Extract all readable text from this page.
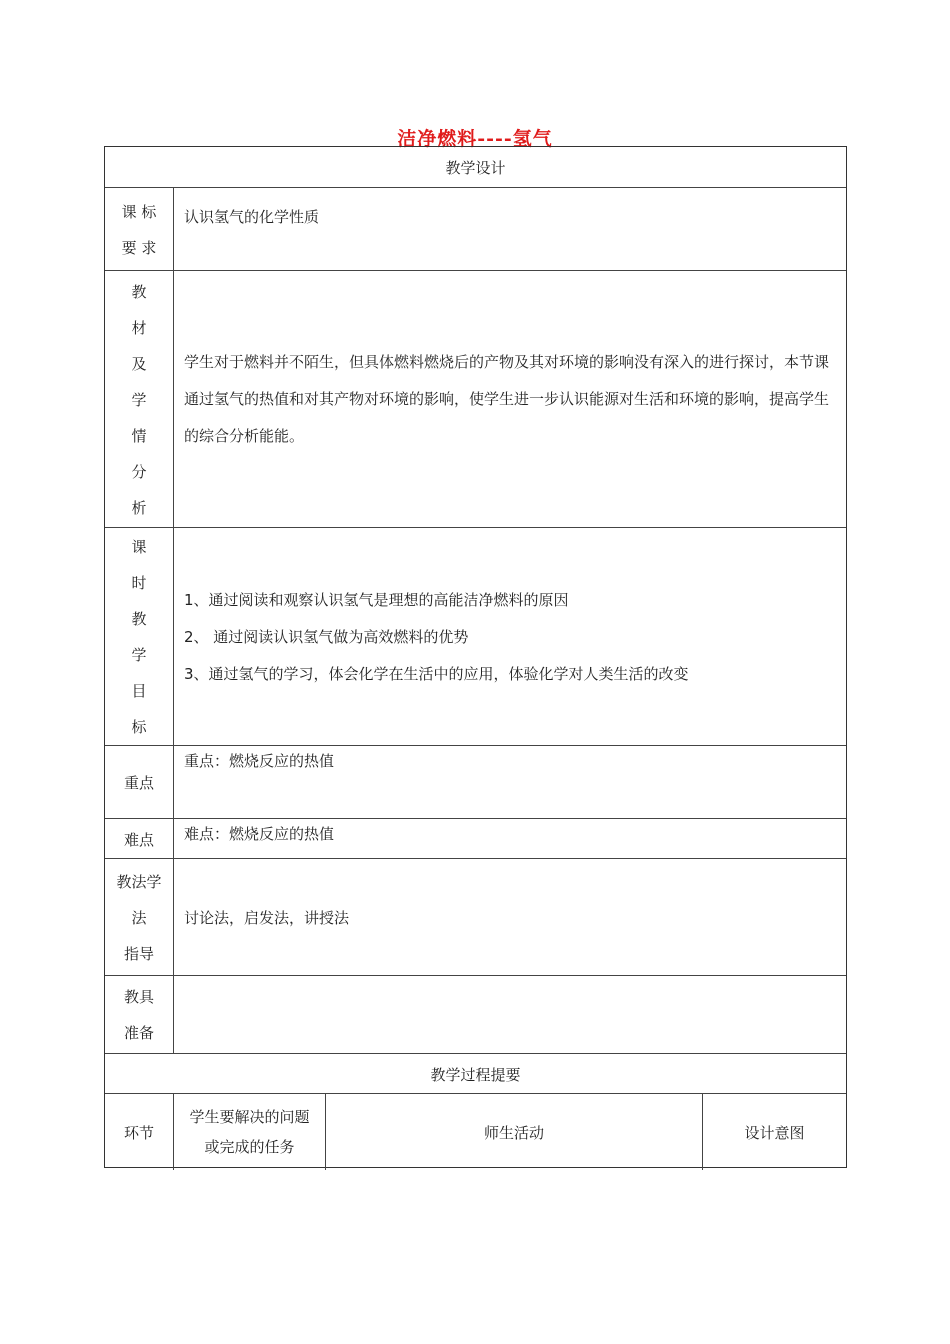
洁净燃料----氢气
教学设计
课 标
要 求
认识氢气的化学性质
教
材
及
学
情
分
析

学生对于燃料并不陌生，但具体燃料燃烧后的产物及其对环境的影响没有深入的进行探讨，本节课通过氢气的热值和对其产物对环境的影响，使学生进一步认识能源对生活和环境的影响，提高学生的综合分析能能。

课
时
教
学
目
标
1、通过阅读和观察认识氢气是理想的高能洁净燃料的原因
2、 通过阅读认识氢气做为高效燃料的优势
3、通过氢气的学习，体会化学在生活中的应用，体验化学对人类生活的改变
重点
重点：燃烧反应的热值
难点	难点：燃烧反应的热值
教法学
法
指导
讨论法，启发法，讲授法
教具
准备
教学过程提要
环节
学生要解决的问题或完成的任务
师生活动	设计意图
